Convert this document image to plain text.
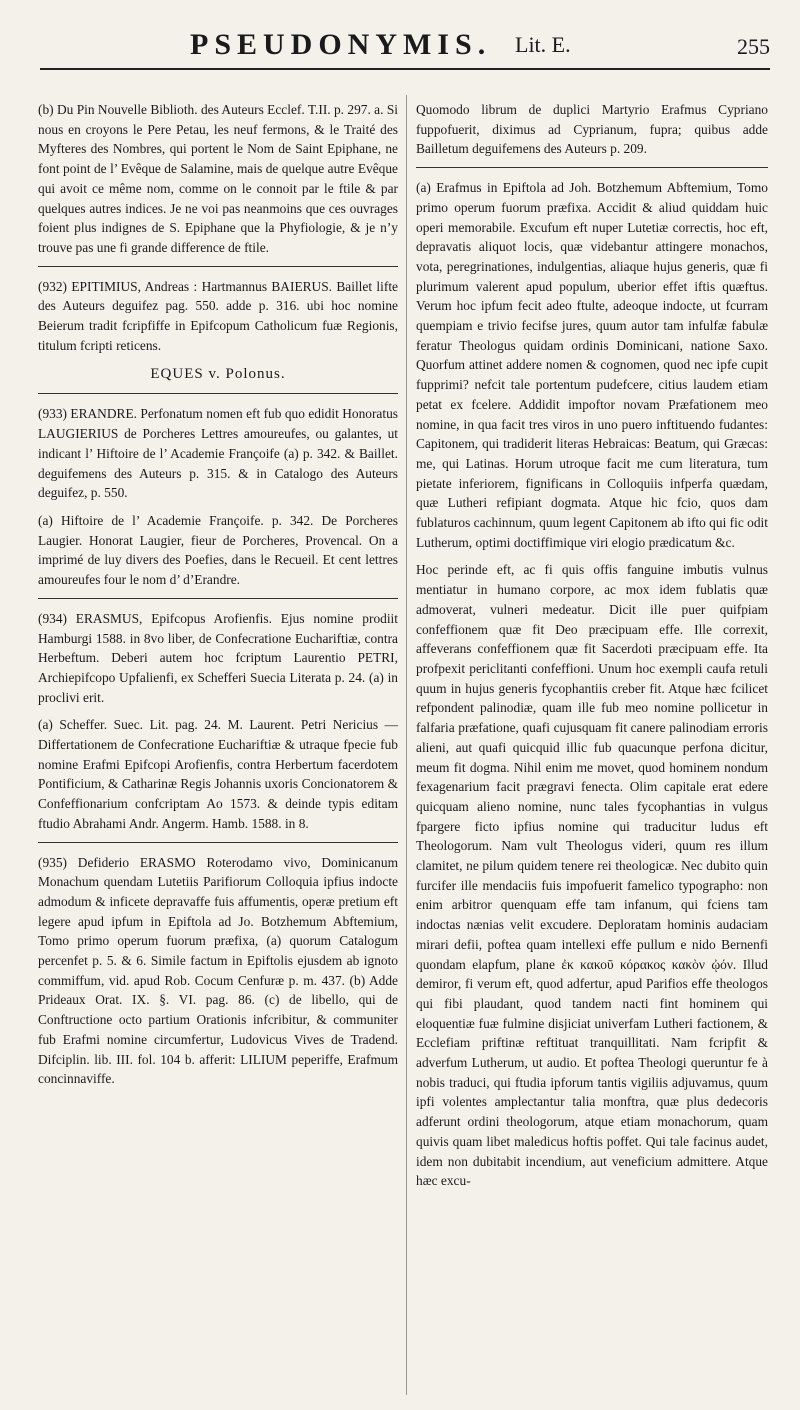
PSEUDONYMIS. Lit. E.	255

(b) Du Pin Nouvelle Biblioth. des Auteurs Ecclef. T.II. p. 297. a. Si nous en croyons le Pere Petau, les neuf fermons, & le Traité des Myfteres des Nombres, qui portent le Nom de Saint Epiphane, ne font point de l’ Evêque de Salamine, mais de quelque autre Evêque qui avoit ce même nom, comme on le connoit par le ftile & par quelques autres indices. Je ne voi pas neanmoins que ces ouvrages foient plus indignes de S. Epiphane que la Phyfiologie, & je n’y trouve pas une fi grande difference de ftile.

(932) EPITIMIUS, Andreas : Hartmannus BAIERUS. Baillet lifte des Auteurs deguifez pag. 550. adde p. 316. ubi hoc nomine Beierum tradit fcripfiffe in Epifcopum Catholicum fuæ Regionis, titulum fcripti reticens.

EQUES v. Polonus.

(933) ERANDRE. Perfonatum nomen eft fub quo edidit Honoratus LAUGIERIUS de Porcheres Lettres amoureufes, ou galantes, ut indicant l’ Hiftoire de l’ Academie Françoife (a) p. 342. & Baillet. deguifemens des Auteurs p. 315. & in Catalogo des Auteurs deguifez, p. 550.

(a) Hiftoire de l’ Academie Françoife. p. 342. De Porcheres Laugier. Honorat Laugier, fieur de Porcheres, Provencal. On a imprimé de luy divers des Poefies, dans le Recueil. Et cent lettres amoureufes four le nom d’ d’Erandre.

(934) ERASMUS, Epifcopus Arofienfis. Ejus nomine prodiit Hamburgi 1588. in 8vo liber, de Confecratione Euchariftiæ, contra Herbeftum. Deberi autem hoc fcriptum Laurentio PETRI, Archiepifcopo Upfalienfi, ex Schefferi Suecia Literata p. 24. (a) in proclivi erit.

(a) Scheffer. Suec. Lit. pag. 24. M. Laurent. Petri Nericius — Differtationem de Confecratione Euchariftiæ & utraque fpecie fub nomine Erafmi Epifcopi Arofienfis, contra Herbertum facerdotem Pontificium, & Catharinæ Regis Johannis uxoris Concionatorem & Confeffionarium confcriptam Ao 1573. & deinde typis editam ftudio Abrahami Andr. Angerm. Hamb. 1588. in 8.

(935) Defiderio ERASMO Roterodamo vivo, Dominicanum Monachum quendam Lutetiis Parifiorum Colloquia ipfius indocte admodum & inficete depravaffe fuis affumentis, operæ pretium eft legere apud ipfum in Epiftola ad Jo. Botzhemum Abftemium, Tomo primo operum fuorum præfixa, (a) quorum Catalogum percenfet p. 5. & 6. Simile factum in Epiftolis ejusdem ab ignoto commiffum, vid. apud Rob. Cocum Cenfuræ p. m. 437. (b) Adde Prideaux Orat. IX. §. VI. pag. 86. (c) de libello, qui de Conftructione octo partium Orationis infcribitur, & communiter fub Erafmi nomine circumfertur, Ludovicus Vives de Tradend. Difciplin. lib. III. fol. 104 b. afferit: LILIUM peperiffe, Erafmum concinnaviffe.

Quomodo librum de duplici Martyrio Erafmus Cypriano fuppofuerit, diximus ad Cyprianum, fupra; quibus adde Bailletum deguifemens des Auteurs p. 209.

(a) Erafmus in Epiftola ad Joh. Botzhemum Abftemium, Tomo primo operum fuorum præfixa. Accidit & aliud quiddam huic operi memorabile. Excufum eft nuper Lutetiæ correctis, hoc eft, depravatis aliquot locis, quæ videbantur attingere monachos, vota, peregrinationes, indulgentias, aliaque hujus generis, quæ fi plurimum valerent apud populum, uberior effet iftis quæftus. Verum hoc ipfum fecit adeo ftulte, adeoque indocte, ut fcurram quempiam e trivio fecifse jures, quum autor tam infulfæ fabulæ feratur Theologus quidam ordinis Dominicani, natione Saxo. Quorfum attinet addere nomen & cognomen, quod nec ipfe cupit fupprimi? nefcit tale portentum pudefcere, citius laudem etiam petat ex fcelere. Addidit impoftor novam Præfationem meo nomine, in qua facit tres viros in uno puero inftituendo fudantes: Capitonem, qui tradiderit literas Hebraicas: Beatum, qui Græcas: me, qui Latinas. Horum utroque facit me cum literatura, tum pietate inferiorem, fignificans in Colloquiis infperfa quædam, quæ Lutheri refipiant dogmata. Atque hic fcio, quos dam fublaturos cachinnum, quum legent Capitonem ab ifto qui fic odit Lutherum, optimi doctiffimique viri elogio prædicatum &c.

Hoc perinde eft, ac fi quis offis fanguine imbutis vulnus mentiatur in humano corpore, ac mox idem fublatis quæ admoverat, vulneri medeatur. Dicit ille puer quifpiam confeffionem quæ fit Deo præcipuam effe. Ille correxit, affeverans confeffionem quæ fit Sacerdoti præcipuam effe. Ita profpexit periclitanti confeffioni. Unum hoc exempli caufa retuli quum in hujus generis fycophantiis creber fit. Atque hæc fcilicet refpondent palinodiæ, quam ille fub meo nomine pollicetur in falfaria præfatione, quafi cujusquam fit canere palinodiam erroris alieni, aut quafi quicquid illic fub quacunque perfona dicitur, meum fit dogma. Nihil enim me movet, quod hominem nondum fexagenarium facit prægravi fenecta. Olim capitale erat edere quicquam alieno nomine, nunc tales fycophantias in vulgus fpargere ficto ipfius nomine qui traducitur ludus eft Theologorum. Nam vult Theologus videri, quum res illum clamitet, ne pilum quidem tenere rei theologicæ. Nec dubito quin furcifer ille mendaciis fuis impofuerit famelico typographo: non enim arbitror quenquam effe tam infanum, qui fciens tam indoctas nænias velit excudere. Deploratam hominis audaciam mirari defii, poftea quam intellexi effe pullum e nido Bernenfi quondam elapfum, plane ἐκ κακοῦ κόρακος κακὸν ᾠόν. Illud demiror, fi verum eft, quod adfertur, apud Parifios effe theologos qui fibi plaudant, quod tandem nacti fint hominem qui eloquentiæ fuæ fulmine disjiciat univerfam Lutheri factionem, & Ecclefiam priftinæ reftituat tranquillitati. Nam fcripfit & adverfum Lutherum, ut audio. Et poftea Theologi queruntur fe à nobis traduci, qui ftudia ipforum tantis vigiliis adjuvamus, quum ipfi volentes amplectantur talia monftra, quæ plus dedecoris adferunt ordini theologorum, atque etiam monachorum, quam quivis quam libet maledicus hoftis poffet. Qui tale facinus audet, idem non dubitabit incendium, aut veneficium admittere. Atque hæc excu-
